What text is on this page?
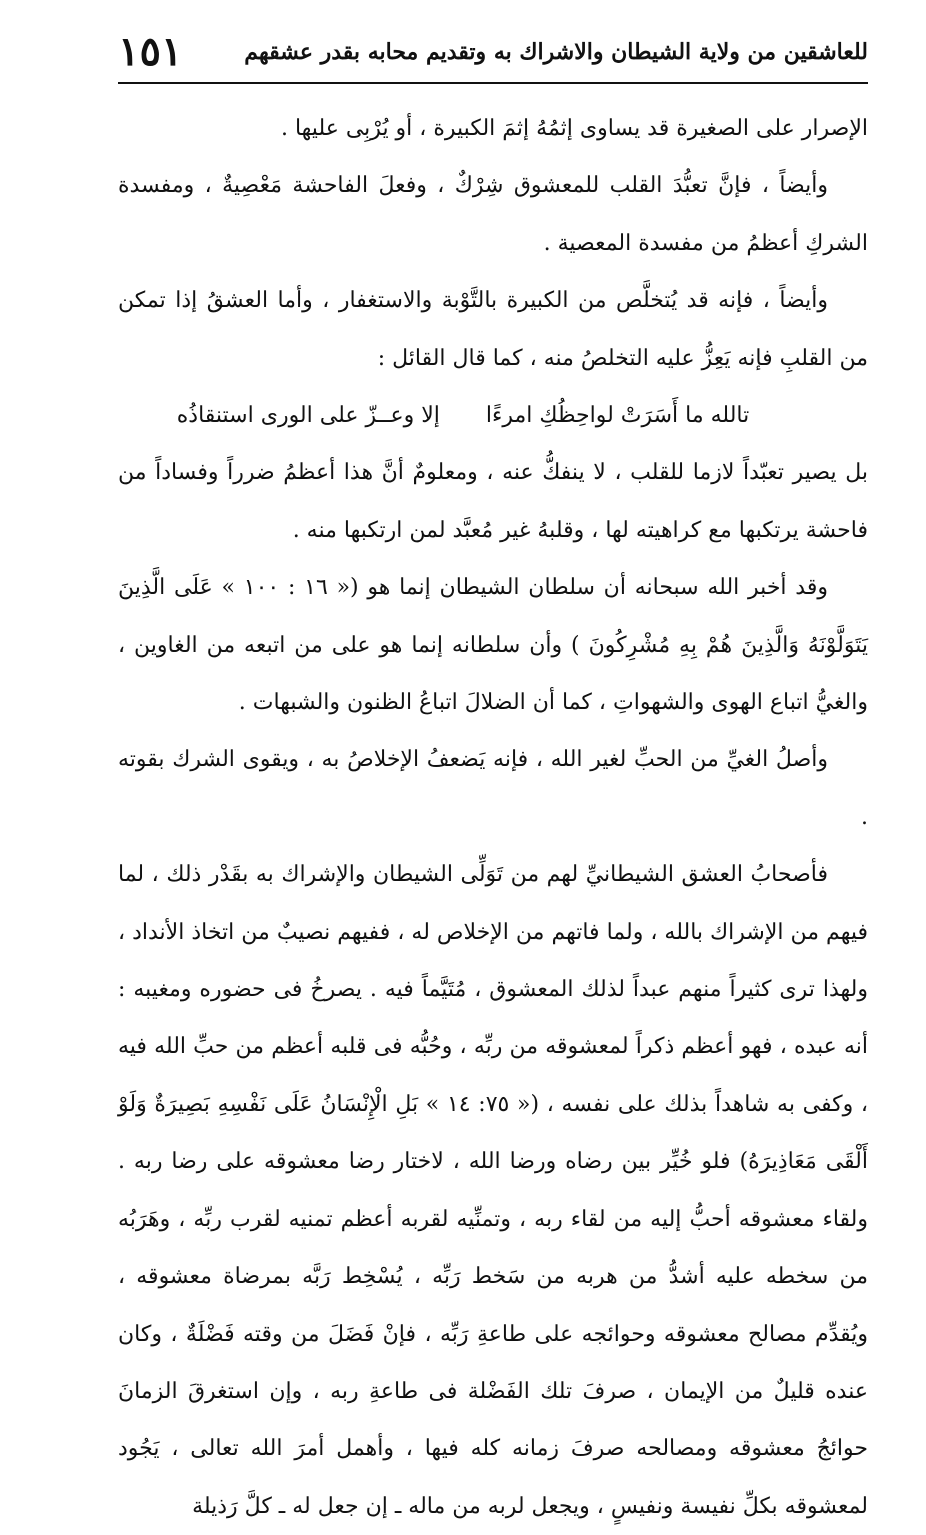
للعاشقين من ولاية الشيطان والاشراك به وتقديم محابه بقدر عشقهم
١٥١

الإصرار على الصغيرة قد يساوى إثمُهُ إثمَ الكبيرة ، أو يُرْبِى عليها .

وأيضاً ، فإنَّ تعبُّدَ القلب للمعشوق شِرْكٌ ، وفعلَ الفاحشة مَعْصِيةٌ ، ومفسدة الشركِ أعظمُ من مفسدة المعصية .

وأيضاً ، فإنه قد يُتخلَّص من الكبيرة بالتَّوْبة والاستغفار ، وأما العشقُ إذا تمكن من القلبِ فإنه يَعِزُّ عليه التخلصُ منه ، كما قال القائل :

تالله ما أَسَرَتْ لواحِظُكِ امرءًا
إلا وعــزّ على الورى استنقاذُه

بل يصير تعبّداً لازما للقلب ، لا ينفكُّ عنه ، ومعلومٌ أنَّ هذا أعظمُ ضرراً وفساداً من فاحشة يرتكبها مع كراهيته لها ، وقلبهُ غير مُعبَّد لمن ارتكبها منه .

وقد أخبر الله سبحانه أن سلطان الشيطان إنما هو (« ١٦ : ١٠٠ » عَلَى الَّذِينَ يَتَوَلَّوْنَهُ وَالَّذِينَ هُمْ بِهِ مُشْرِكُونَ ) وأن سلطانه إنما هو على من اتبعه من الغاوين ، والغيُّ اتباع الهوى والشهواتِ ، كما أن الضلالَ اتباعُ الظنون والشبهات .

وأصلُ الغيِّ من الحبِّ لغير الله ، فإنه يَضعفُ الإخلاصُ به ، ويقوى الشرك بقوته .

فأصحابُ العشق الشيطانيِّ لهم من تَوَلِّى الشيطان والإشراك به بقَدْر ذلك ، لما فيهم من الإشراك بالله ، ولما فاتهم من الإخلاص له ، ففيهم نصيبٌ من اتخاذ الأنداد ، ولهذا ترى كثيراً منهم عبداً لذلك المعشوق ، مُتَيَّماً فيه . يصرخُ فى حضوره ومغيبه : أنه عبده ، فهو أعظم ذكراً لمعشوقه من ربِّه ، وحُبُّه فى قلبه أعظم من حبِّ الله فيه ، وكفى به شاهداً بذلك على نفسه ، (« ٧٥: ١٤ » بَلِ الْإِنْسَانُ عَلَى نَفْسِهِ بَصِيرَةٌ وَلَوْ أَلْقَى مَعَاذِيرَهُ) فلو خُيِّر بين رضاه ورضا الله ، لاختار رضا معشوقه على رضا ربه . ولقاء معشوقه أحبُّ إليه من لقاء ربه ، وتمنِّيه لقربه أعظم تمنيه لقرب ربِّه ، وهَرَبُه من سخطه عليه أشدُّ من هربه من سَخط رَبِّه ، يُسْخِط رَبَّه بمرضاة معشوقه ، ويُقدِّم مصالح معشوقه وحوائجه على طاعةِ رَبِّه ، فإنْ فَضَلَ من وقته فَضْلَةٌ ، وكان عنده قليلٌ من الإيمان ، صرفَ تلك الفَضْلة فى طاعةِ ربه ، وإن استغرقَ الزمانَ حوائجُ معشوقه ومصالحه صرفَ زمانه كله فيها ، وأهمل أمرَ الله تعالى ، يَجُود لمعشوقه بكلِّ نفيسة ونفيسٍ ، ويجعل لربه من ماله ـ إن جعل له ـ كلَّ رَذيلة
